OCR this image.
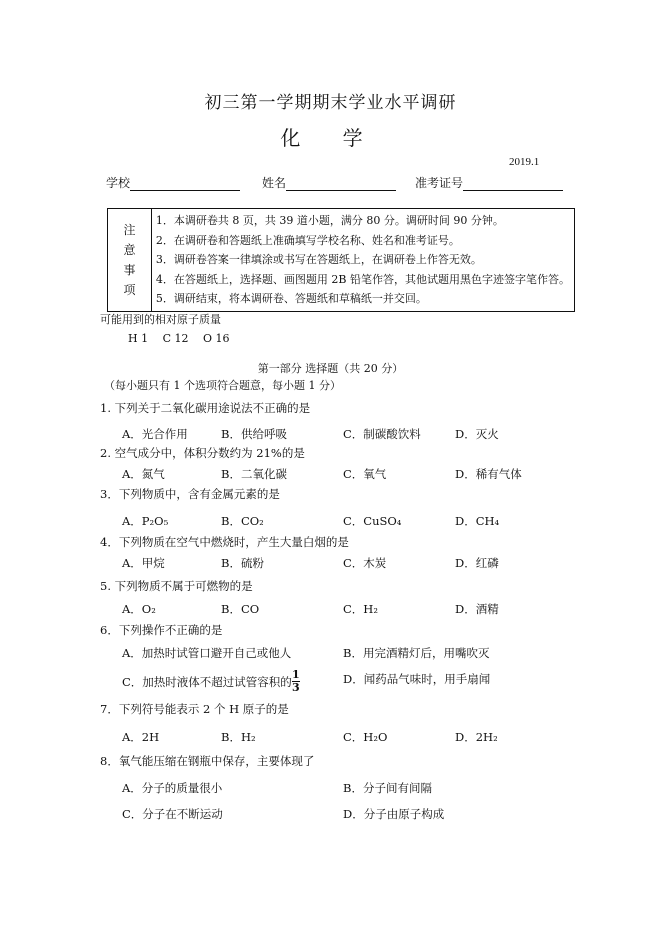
初三第一学期期末学业水平调研
化 学
2019.1
学校	姓名	准考证号
注
意
事
项

1．本调研卷共 8 页，共 39 道小题，满分 80 分。调研时间 90 分钟。
2．在调研卷和答题纸上准确填写学校名称、姓名和准考证号。
3．调研卷答案一律填涂或书写在答题纸上，在调研卷上作答无效。
4．在答题纸上，选择题、画图题用 2B 铅笔作答，其他试题用黑色字迹签字笔作答。
5．调研结束，将本调研卷、答题纸和草稿纸一并交回。
可能用到的相对原子质量
H 1　 C 12　 O 16
第一部分 选择题（共 20 分）
（每小题只有 1 个选项符合题意，每小题 1 分）
1. 下列关于二氧化碳用途说法不正确的是
A．光合作用	B．供给呼吸	C．制碳酸饮料	D．灭火
2. 空气成分中，体积分数约为 21%的是
A．氮气	B．二氧化碳	C．氧气	D．稀有气体
3．下列物质中，含有金属元素的是
A．P₂O₅	B．CO₂	C．CuSO₄	D．CH₄
4．下列物质在空气中燃烧时，产生大量白烟的是
A．甲烷	B．硫粉	C．木炭	D．红磷
5. 下列物质不属于可燃物的是
A．O₂	B．CO	C．H₂	D．酒精
6．下列操作不正确的是
A．加热时试管口避开自己或他人	B．用完酒精灯后，用嘴吹灭
C．加热时液体不超过试管容积的 $\frac{1}{3}$	D．闻药品气味时，用手扇闻
7．下列符号能表示 2 个 H 原子的是
A．2H	B．H₂	C．H₂O	D．2H₂
8．氧气能压缩在钢瓶中保存，主要体现了
A．分子的质量很小	B．分子间有间隔
C．分子在不断运动	D．分子由原子构成
